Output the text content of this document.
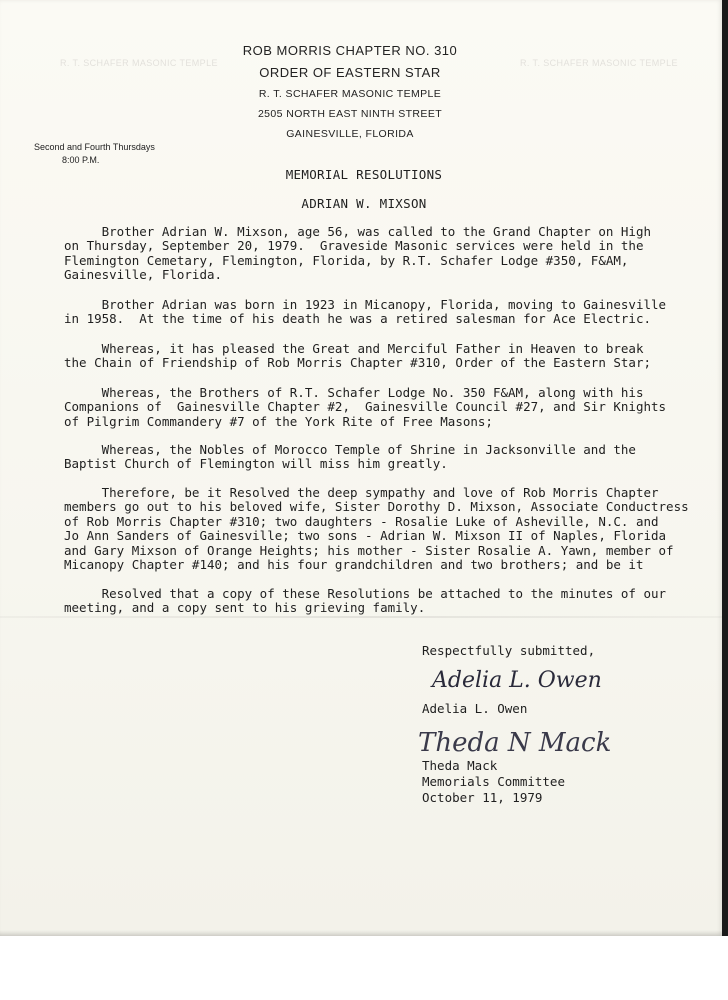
R. T. SCHAFER MASONIC TEMPLE	R. T. SCHAFER MASONIC TEMPLE
ROB MORRIS CHAPTER NO. 310
ORDER OF EASTERN STAR
R. T. SCHAFER MASONIC TEMPLE
2505 NORTH EAST NINTH STREET
GAINESVILLE, FLORIDA
Second and Fourth Thursdays
8:00 P.M.
MEMORIAL RESOLUTIONS
ADRIAN W. MIXSON
Brother Adrian W. Mixson, age 56, was called to the Grand Chapter on High
on Thursday, September 20, 1979.  Graveside Masonic services were held in the
Flemington Cemetary, Flemington, Florida, by R.T. Schafer Lodge #350, F&AM,
Gainesville, Florida.
Brother Adrian was born in 1923 in Micanopy, Florida, moving to Gainesville
in 1958.  At the time of his death he was a retired salesman for Ace Electric.
Whereas, it has pleased the Great and Merciful Father in Heaven to break
the Chain of Friendship of Rob Morris Chapter #310, Order of the Eastern Star;
Whereas, the Brothers of R.T. Schafer Lodge No. 350 F&AM, along with his
Companions of  Gainesville Chapter #2,  Gainesville Council #27, and Sir Knights
of Pilgrim Commandery #7 of the York Rite of Free Masons;
Whereas, the Nobles of Morocco Temple of Shrine in Jacksonville and the
Baptist Church of Flemington will miss him greatly.
Therefore, be it Resolved the deep sympathy and love of Rob Morris Chapter
members go out to his beloved wife, Sister Dorothy D. Mixson, Associate Conductress
of Rob Morris Chapter #310; two daughters - Rosalie Luke of Asheville, N.C. and
Jo Ann Sanders of Gainesville; two sons - Adrian W. Mixson II of Naples, Florida
and Gary Mixson of Orange Heights; his mother - Sister Rosalie A. Yawn, member of
Micanopy Chapter #140; and his four grandchildren and two brothers; and be it
Resolved that a copy of these Resolutions be attached to the minutes of our
meeting, and a copy sent to his grieving family.
Respectfully submitted,
Adelia L. Owen
Adelia L. Owen
Theda N Mack
Theda Mack
Memorials Committee
October 11, 1979
